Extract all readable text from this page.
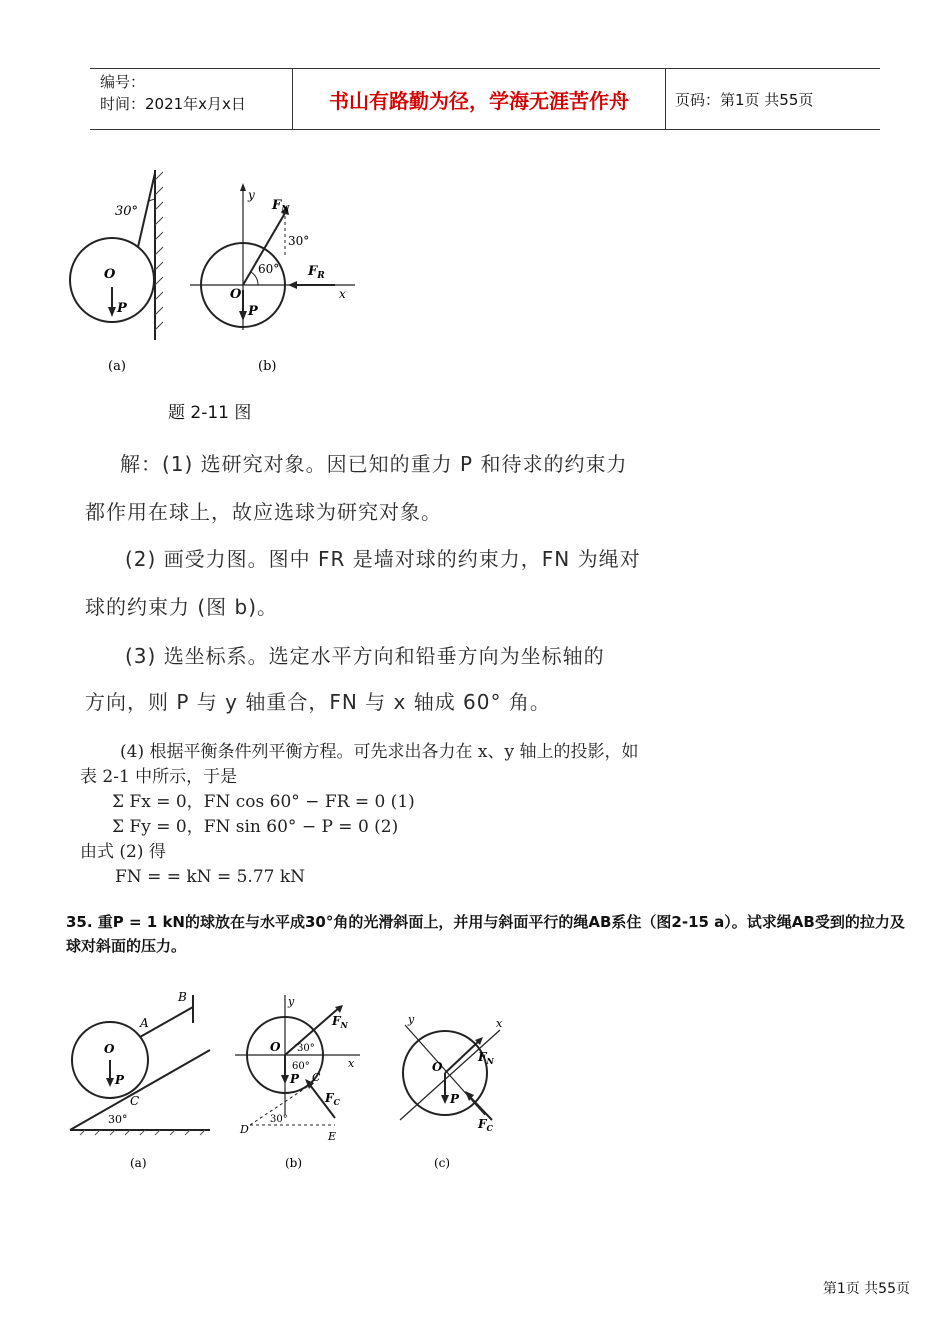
编号：
时间：2021年x月x日	书山有路勤为径，学海无涯苦作舟	页码：第1页 共55页
30°
O
P
(a)
$F_N$
30°
60° $F_R$
x
y
O
P
(b)
题 2-11 图
解：(1) 选研究对象。因已知的重力 P 和待求的约束力
都作用在球上，故应选球为研究对象。
(2) 画受力图。图中 FR 是墙对球的约束力，FN 为绳对
球的约束力 (图 b)。
(3) 选坐标系。选定水平方向和铅垂方向为坐标轴的
方向，则 P 与 y 轴重合，FN 与 x 轴成 60° 角。
(4) 根据平衡条件列平衡方程。可先求出各力在 x、y 轴上的投影，如
表 2-1 中所示，于是
Σ Fx = 0，FN cos 60° − FR = 0 (1)
Σ Fy = 0，FN sin 60° − P = 0 (2)
由式 (2) 得
FN = = kN = 5.77 kN
35. 重P = 1 kN的球放在与水平成30°角的光滑斜面上，并用与斜面平行的绳AB系住（图2-15 a）。试求绳AB受到的拉力及球对斜面的压力。
B
A
C
O
P
30°
(a)
y
x
O 30°
60°
$F_N$
$F_C$
C
D
E
30°
P
(b)
y	x
O
P
$F_N$
$F_C$
(c)
第1页 共55页
